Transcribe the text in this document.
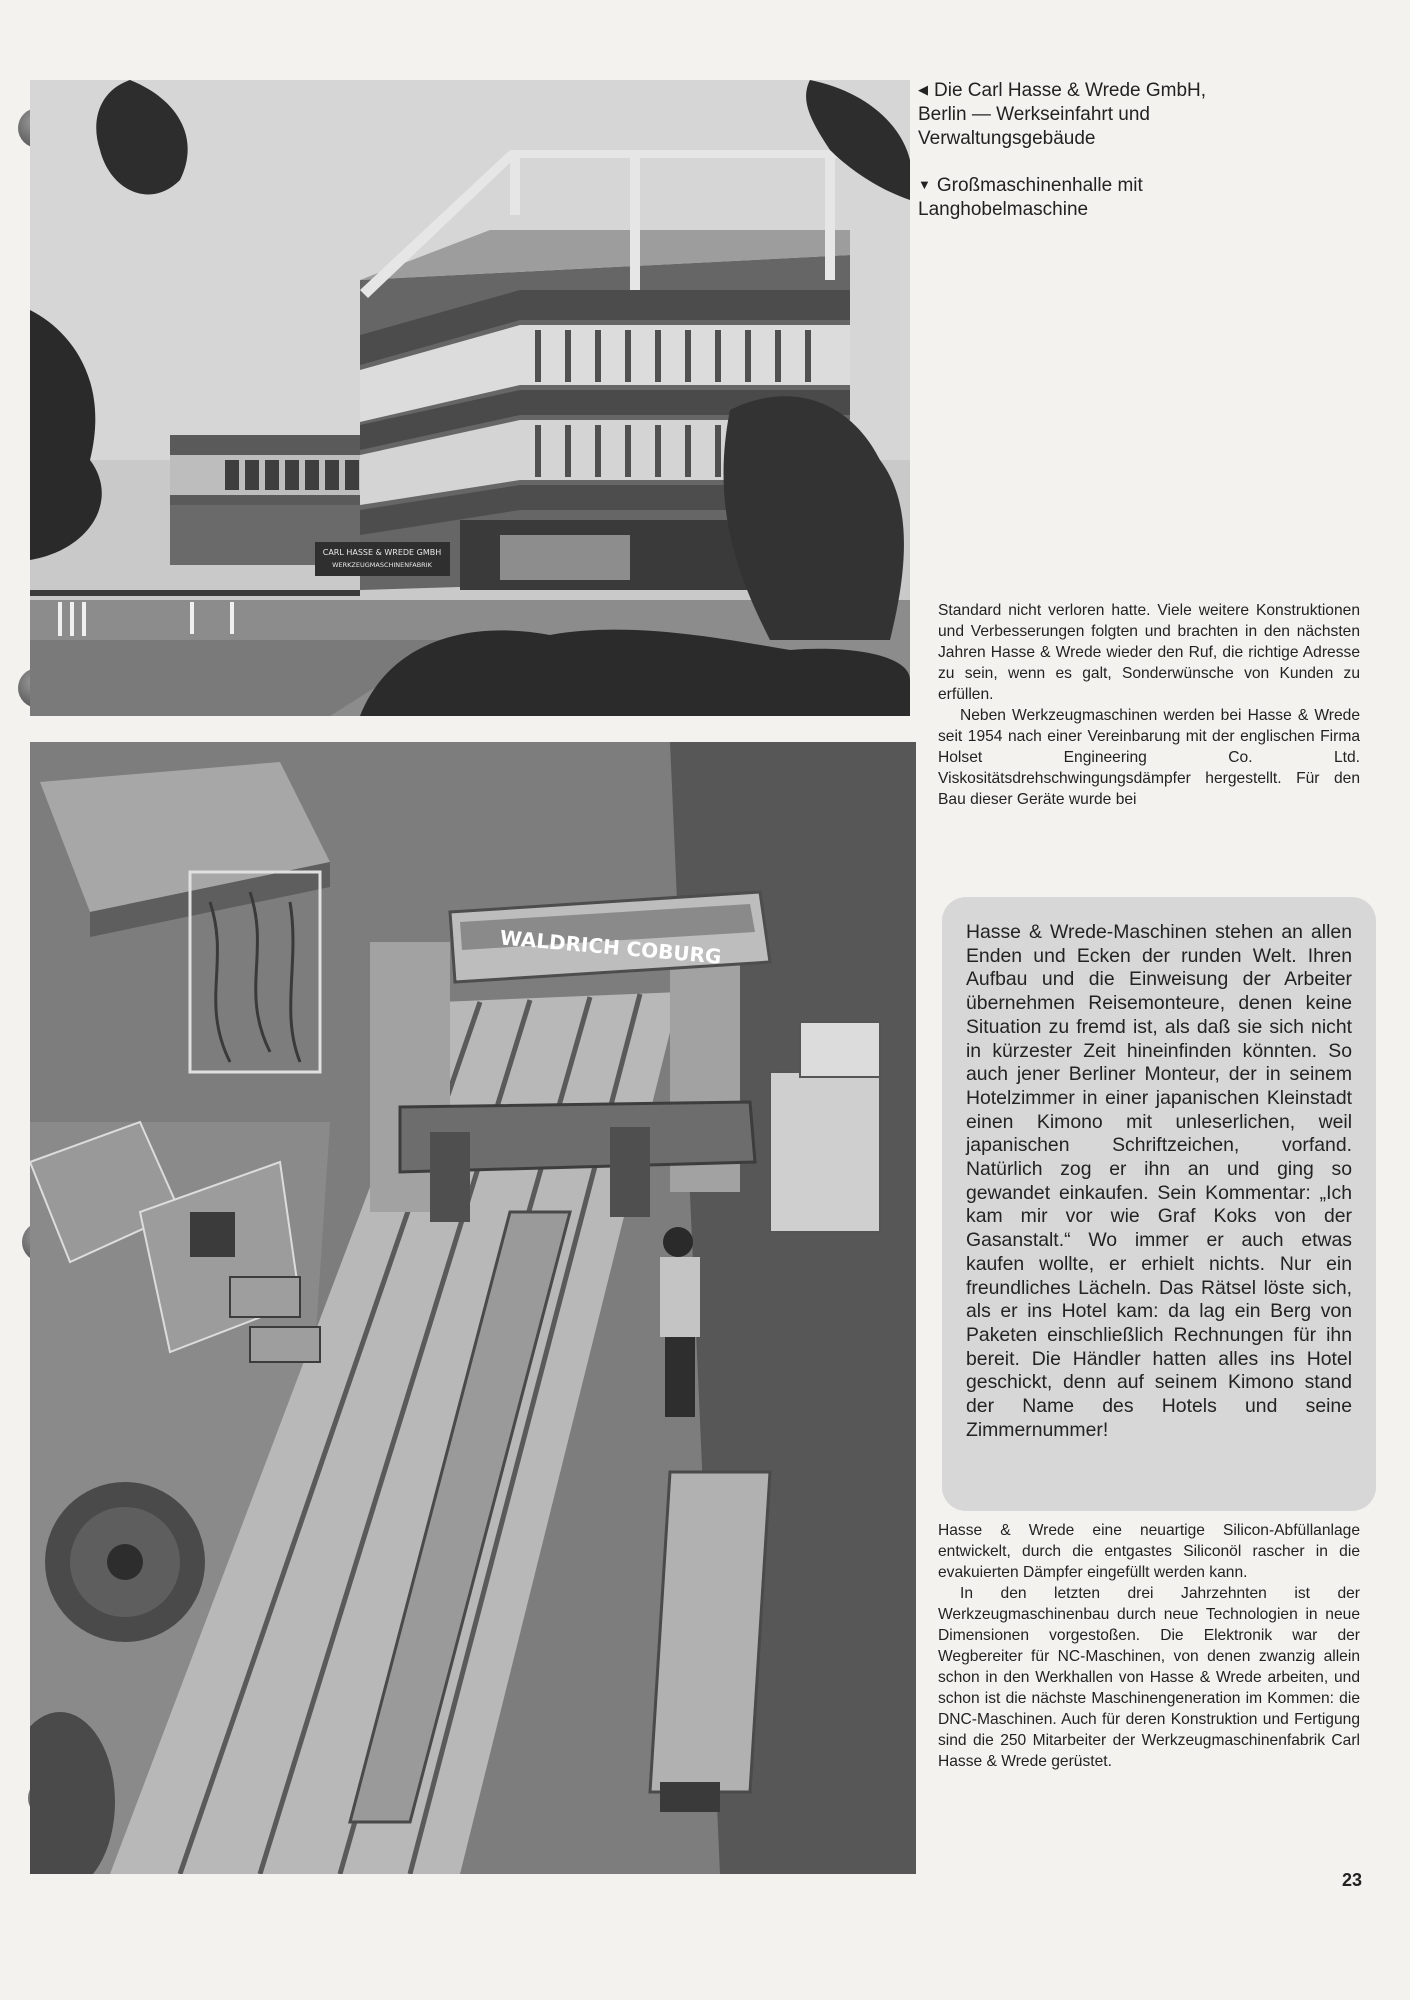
CARL HASSE & WREDE GMBH
WERKZEUGMASCHINENFABRIK
WALDRICH COBURG

◀ Die Carl Hasse & Wrede GmbH, Berlin — Werkseinfahrt und Verwaltungsgebäude

▼ Großmaschinenhalle mit Langhobelmaschine

Standard nicht verloren hatte. Viele weitere Konstruktionen und Verbesserungen folgten und brachten in den nächsten Jahren Hasse & Wrede wieder den Ruf, die richtige Adresse zu sein, wenn es galt, Sonderwünsche von Kunden zu erfüllen.

Neben Werkzeugmaschinen werden bei Hasse & Wrede seit 1954 nach einer Vereinbarung mit der englischen Firma Holset Engineering Co. Ltd. Viskositätsdrehschwingungsdämpfer hergestellt. Für den Bau dieser Geräte wurde bei

Hasse & Wrede-Maschinen stehen an allen Enden und Ecken der runden Welt. Ihren Aufbau und die Einweisung der Arbeiter übernehmen Reisemonteure, denen keine Situation zu fremd ist, als daß sie sich nicht in kürzester Zeit hineinfinden könnten. So auch jener Berliner Monteur, der in seinem Hotelzimmer in einer japanischen Kleinstadt einen Kimono mit unleserlichen, weil japanischen Schriftzeichen, vorfand. Natürlich zog er ihn an und ging so gewandet einkaufen. Sein Kommentar: „Ich kam mir vor wie Graf Koks von der Gasanstalt.“ Wo immer er auch etwas kaufen wollte, er erhielt nichts. Nur ein freundliches Lächeln. Das Rätsel löste sich, als er ins Hotel kam: da lag ein Berg von Paketen einschließlich Rechnungen für ihn bereit. Die Händler hatten alles ins Hotel geschickt, denn auf seinem Kimono stand der Name des Hotels und seine Zimmernummer!

Hasse & Wrede eine neuartige Silicon-Abfüllanlage entwickelt, durch die entgastes Siliconöl rascher in die evakuierten Dämpfer eingefüllt werden kann.

In den letzten drei Jahrzehnten ist der Werkzeugmaschinenbau durch neue Technologien in neue Dimensionen vorgestoßen. Die Elektronik war der Wegbereiter für NC-Maschinen, von denen zwanzig allein schon in den Werkhallen von Hasse & Wrede arbeiten, und schon ist die nächste Maschinengeneration im Kommen: die DNC-Maschinen. Auch für deren Konstruktion und Fertigung sind die 250 Mitarbeiter der Werkzeugmaschinenfabrik Carl Hasse & Wrede gerüstet.

23
